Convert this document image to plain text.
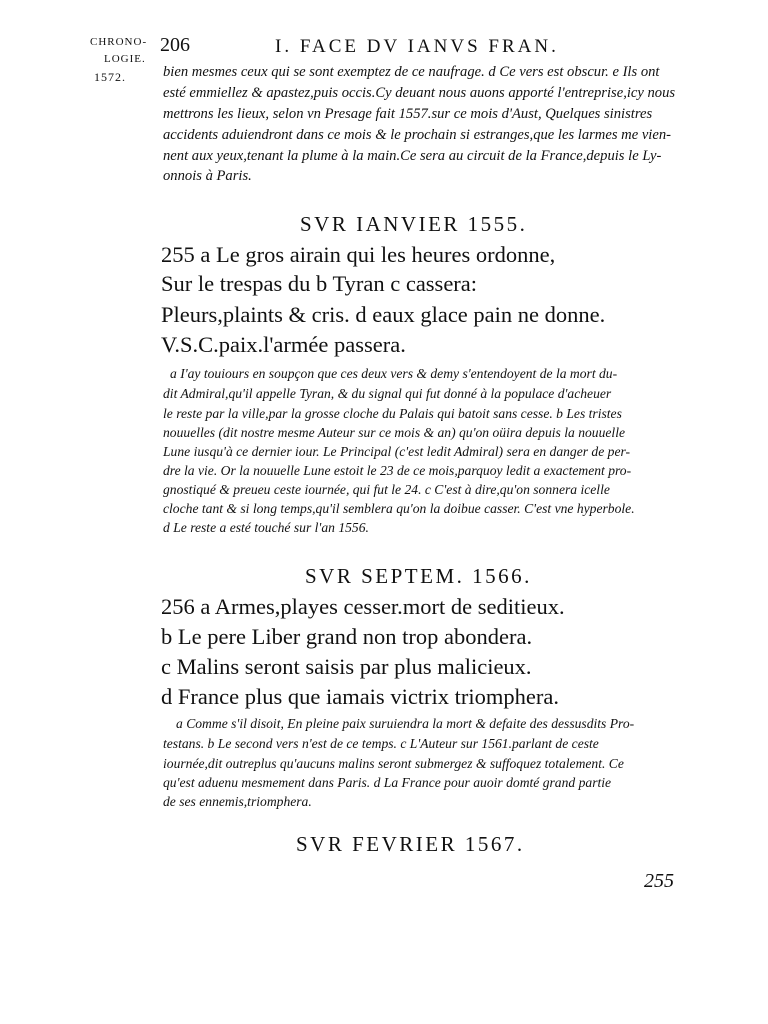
CHRONO-
LOGIE.
1572.
206	I. FACE DV IANVS FRAN.
bien mesmes ceux qui se sont exemptez de ce naufrage. d Ce vers est obscur. e Ils ont
esté emmiellez & apastez,puis occis.Cy deuant nous auons apporté l'entreprise,icy nous
mettrons les lieux, selon vn Presage fait 1557.sur ce mois d'Aust, Quelques sinistres
accidents aduiendront dans ce mois & le prochain si estranges,que les larmes me vien-
nent aux yeux,tenant la plume à la main.Ce sera au circuit de la France,depuis le Ly-
onnois à Paris.
SVR IANVIER 1555.
255 a Le gros airain qui les heures ordonne,
Sur le trespas du b Tyran c cassera:
Pleurs,plaints & cris. d eaux glace pain ne donne.
V.S.C.paix.l'armée passera.
a I'ay touiours en soupçon que ces deux vers & demy s'entendoyent de la mort du-
dit Admiral,qu'il appelle Tyran, & du signal qui fut donné à la populace d'acheuer
le reste par la ville,par la grosse cloche du Palais qui batoit sans cesse. b Les tristes
nouuelles (dit nostre mesme Auteur sur ce mois & an) qu'on oüira depuis la nouuelle
Lune iusqu'à ce dernier iour. Le Principal (c'est ledit Admiral) sera en danger de per-
dre la vie. Or la nouuelle Lune estoit le 23 de ce mois,parquoy ledit a exactement pro-
gnostiqué & preueu ceste iournée, qui fut le 24. c C'est à dire,qu'on sonnera icelle
cloche tant & si long temps,qu'il semblera qu'on la doibue casser. C'est vne hyperbole.
d Le reste a esté touché sur l'an 1556.
SVR SEPTEM. 1566.
256 a Armes,playes cesser.mort de seditieux.
b Le pere Liber grand non trop abondera.
c Malins seront saisis par plus malicieux.
d France plus que iamais victrix triomphera.
a Comme s'il disoit, En pleine paix suruiendra la mort & defaite des dessusdits Pro-
testans. b Le second vers n'est de ce temps. c L'Auteur sur 1561.parlant de ceste
iournée,dit outreplus qu'aucuns malins seront submergez & suffoquez totalement. Ce
qu'est aduenu mesmement dans Paris. d La France pour auoir domté grand partie
de ses ennemis,triomphera.
SVR FEVRIER 1567.
255
